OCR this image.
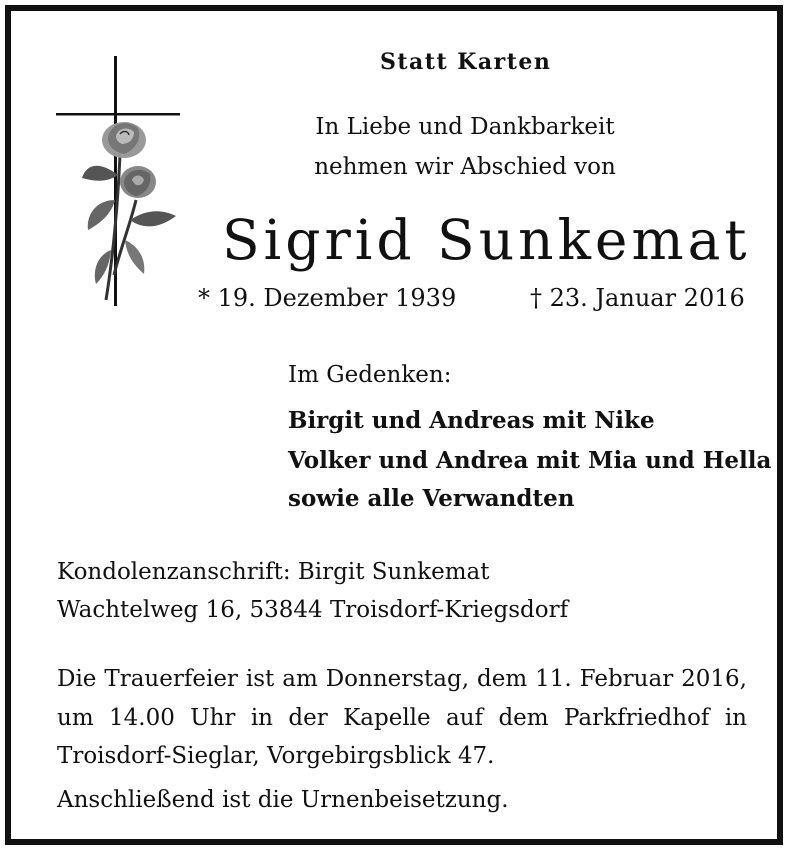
Statt Karten
In Liebe und Dankbarkeit
nehmen wir Abschied von
Sigrid Sunkemat
* 19. Dezember 1939	† 23. Januar 2016
Im Gedenken:
Birgit und Andreas mit Nike
Volker und Andrea mit Mia und Hella
sowie alle Verwandten
Kondolenzanschrift: Birgit Sunkemat
Wachtelweg 16, 53844 Troisdorf-Kriegsdorf
Die Trauerfeier ist am Donnerstag, dem 11. Februar 2016, um 14.00 Uhr in der Kapelle auf dem Parkfriedhof in Troisdorf-Sieglar, Vorgebirgsblick 47.
Anschließend ist die Urnenbeisetzung.
